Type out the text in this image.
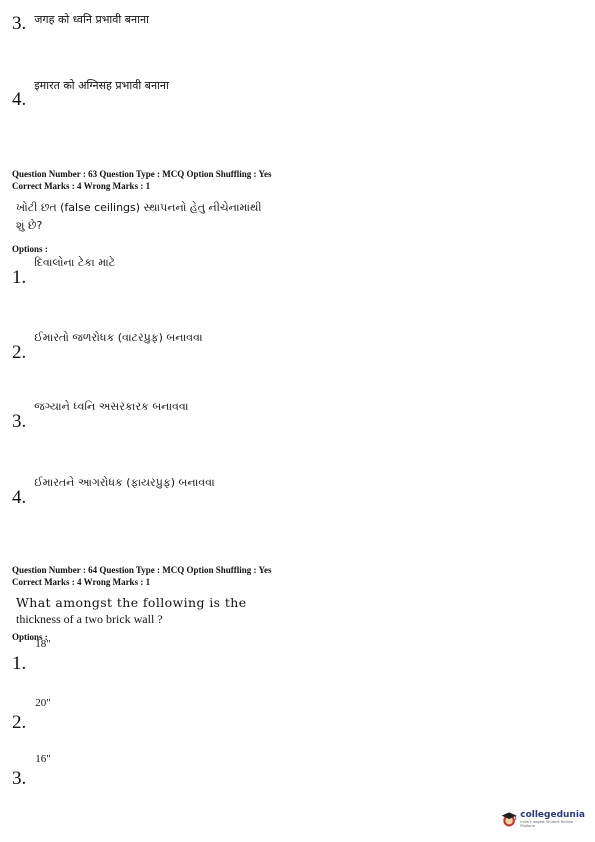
3. जगह को ध्वनि प्रभावी बनाना
4.
इमारत को अग्निसह प्रभावी बनाना
Question Number : 63 Question Type : MCQ Option Shuffling : Yes
Correct Marks : 4 Wrong Marks : 1
ખોટી છત (false ceilings) સ્થાપનનો હેતુ નીચેનામાંથી
શું છે?
Options :
1.
દિવાલોના ટેકા માટે
2.
ઈમારતો જળરોધક (વાટરપ્રુફ) બનાવવા
3.
જગ્યાને ધ્વનિ અસરકારક બનાવવા
4.
ઈમારતને આગરોધક (ફાયરપ્રુફ) બનાવવા
Question Number : 64 Question Type : MCQ Option Shuffling : Yes
Correct Marks : 4 Wrong Marks : 1
What amongst the following is the
thickness of a two brick wall ?
Options :
1.
18"
2.
20"
3.
16"
collegedunia
India's largest Student Review Platform
